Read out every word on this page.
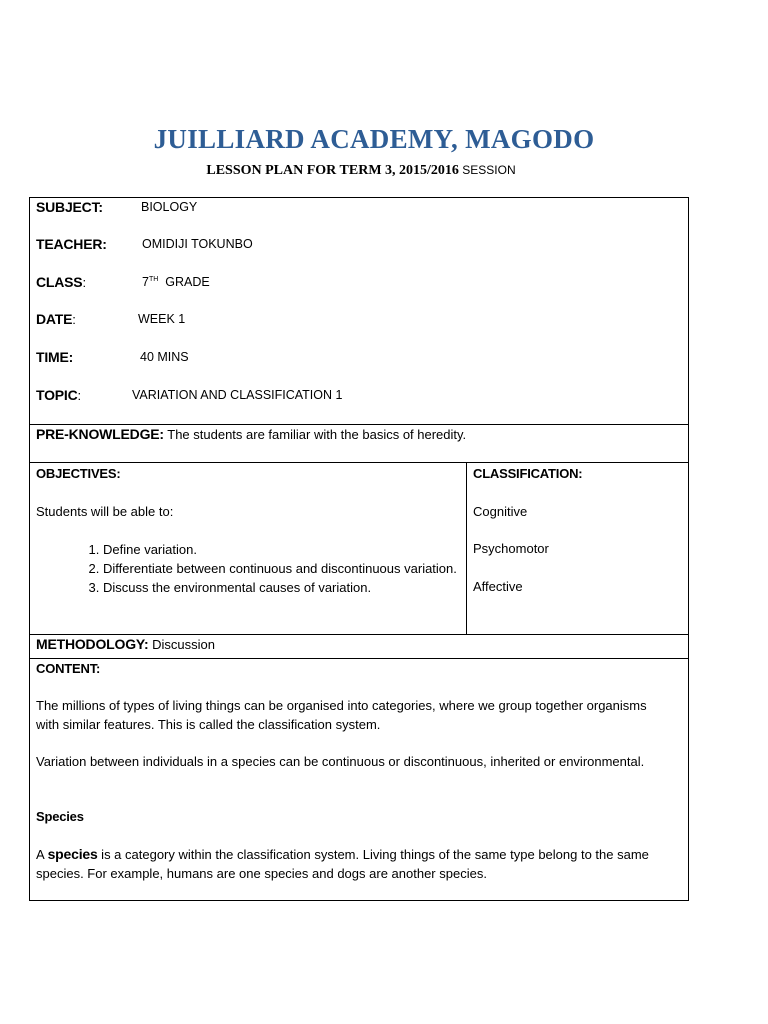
JUILLIARD ACADEMY, MAGODO
LESSON PLAN FOR TERM 3, 2015/2016 SESSION
SUBJECT:	BIOLOGY
TEACHER:	OMIDIJI TOKUNBO
CLASS:	7TH GRADE
DATE:	WEEK 1
TIME:	40 MINS
TOPIC:	VARIATION AND CLASSIFICATION 1
PRE-KNOWLEDGE: The students are familiar with the basics of heredity.
OBJECTIVES:
Students will be able to:
1. Define variation.
2. Differentiate between continuous and discontinuous variation.
3. Discuss the environmental causes of variation.
CLASSIFICATION:
Cognitive
Psychomotor
Affective
METHODOLOGY: Discussion
CONTENT:
The millions of types of living things can be organised into categories, where we group together organisms with similar features. This is called the classification system.
Variation between individuals in a species can be continuous or discontinuous, inherited or environmental.
Species
A species is a category within the classification system. Living things of the same type belong to the same species. For example, humans are one species and dogs are another species.
